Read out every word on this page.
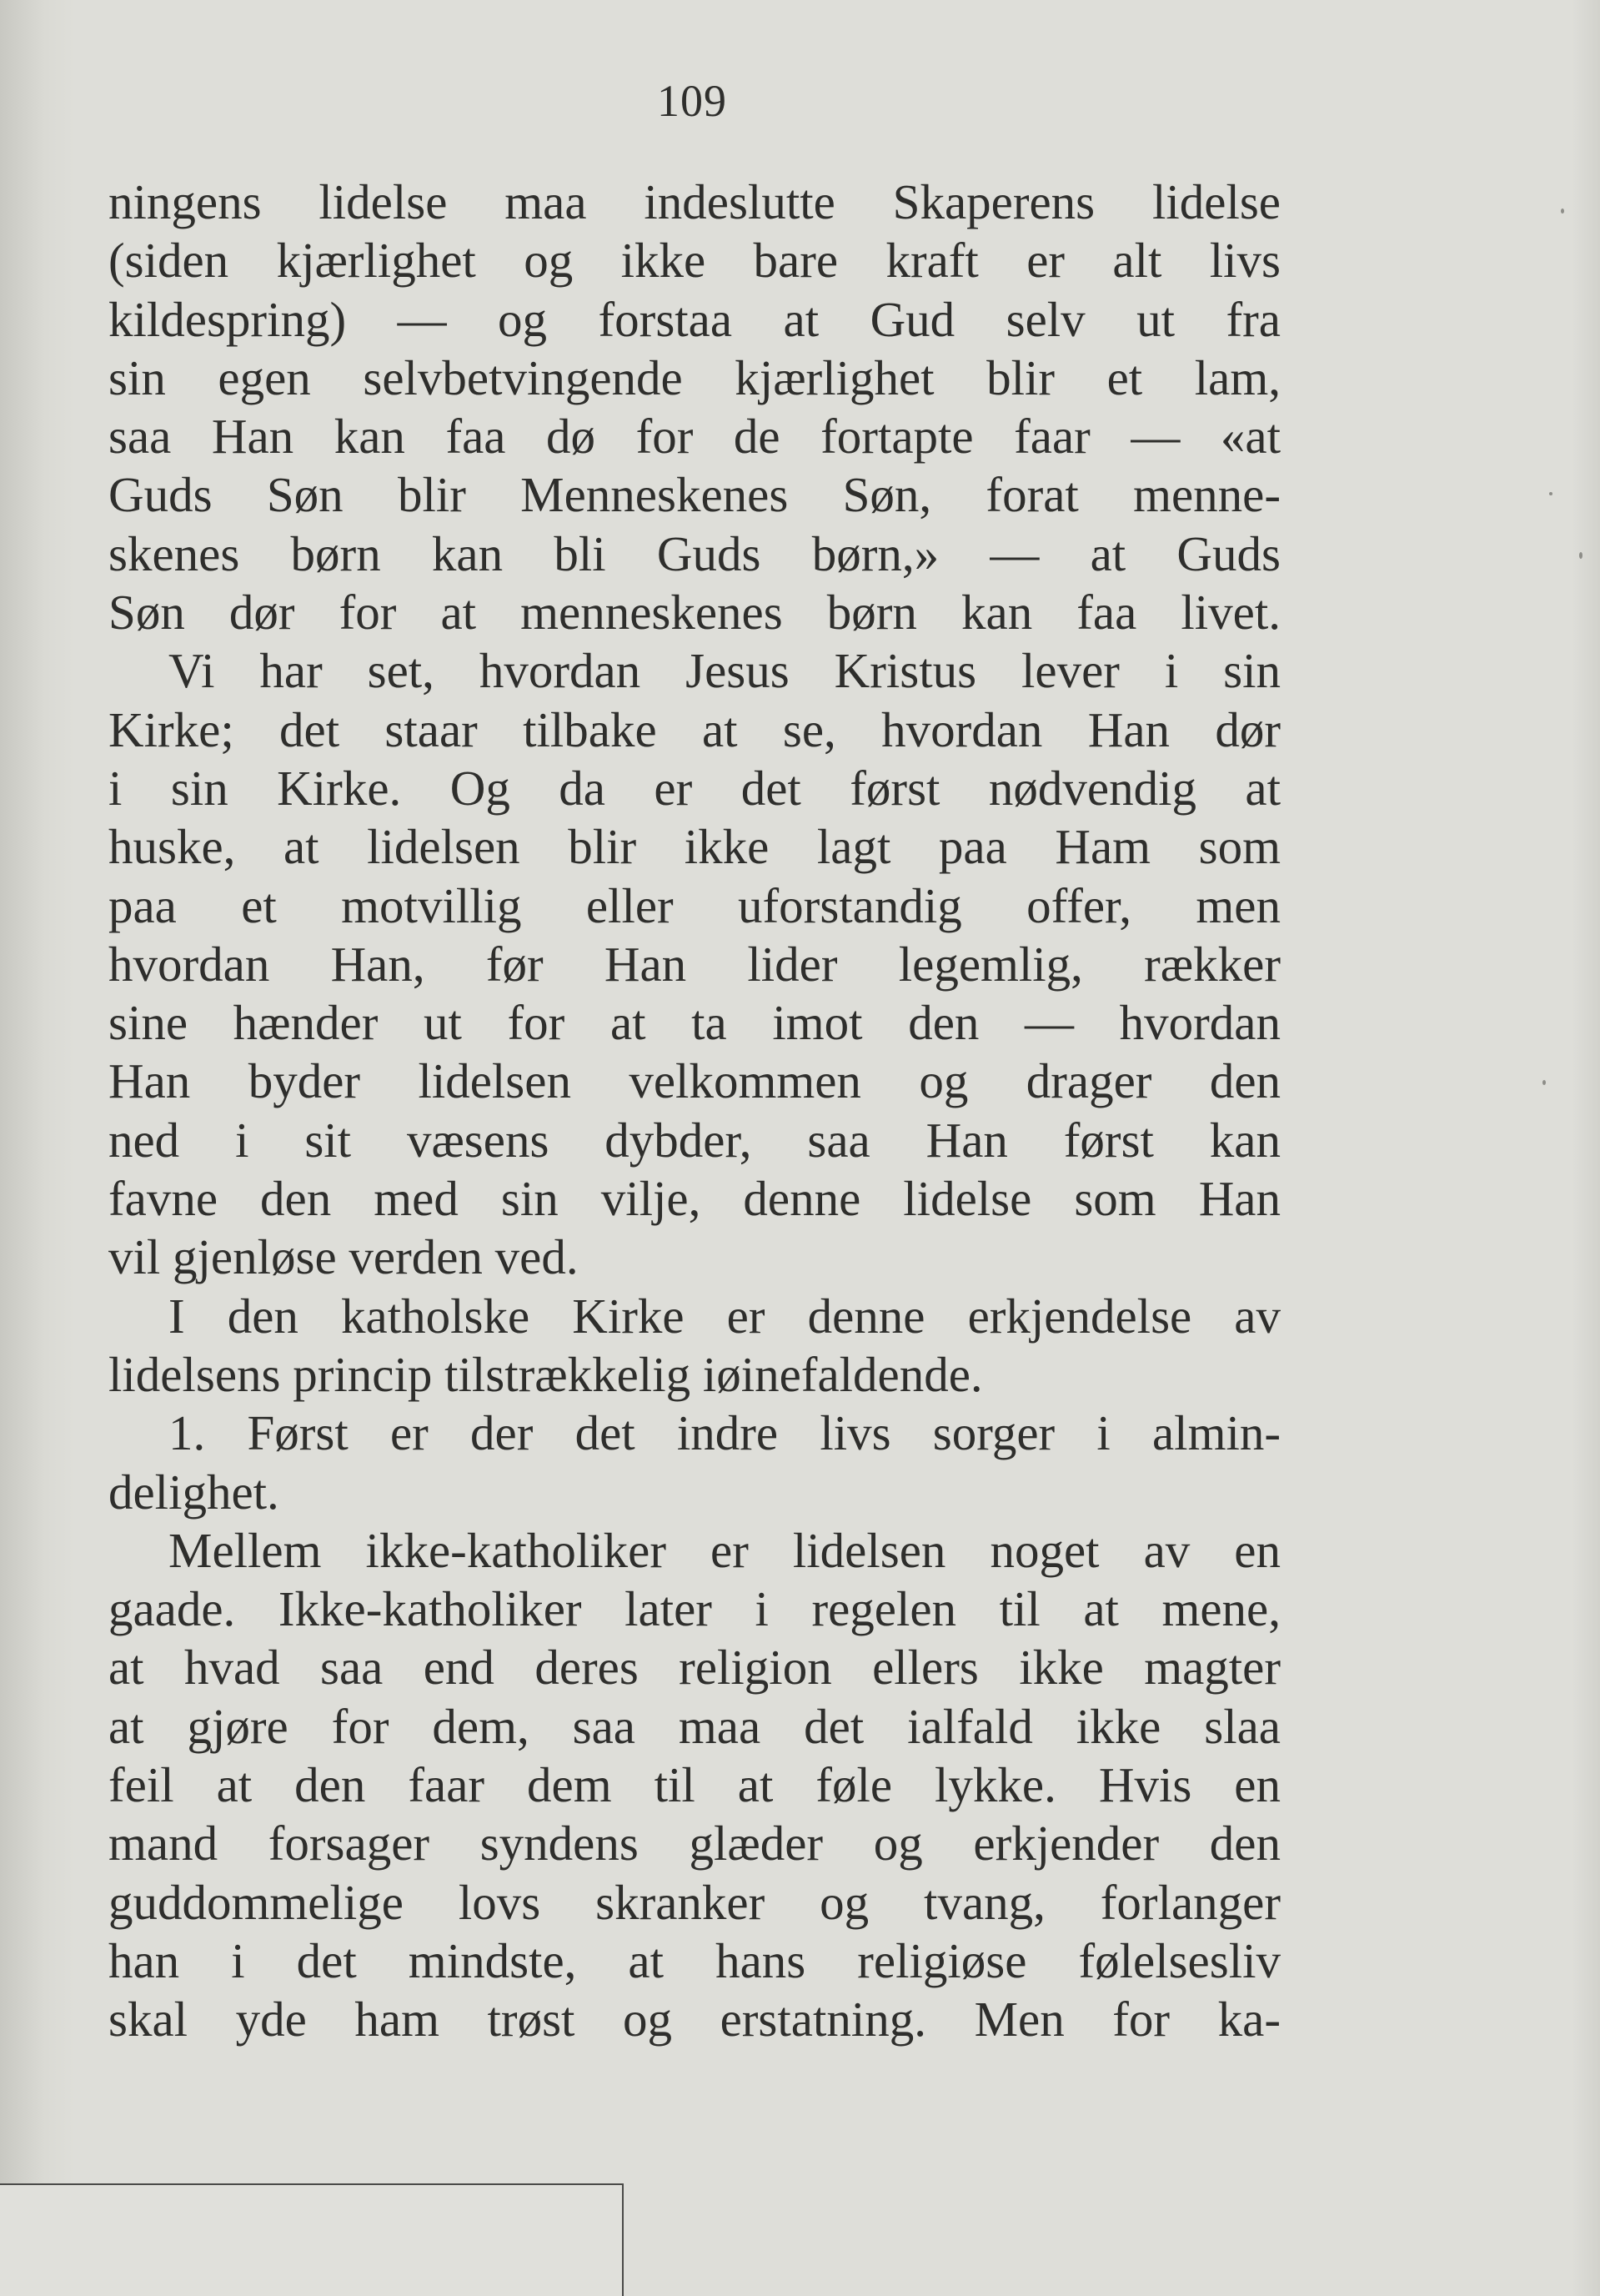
109
ningens lidelse maa indeslutte Skaperens lidelse
(siden kjærlighet og ikke bare kraft er alt livs
kildespring) — og forstaa at Gud selv ut fra
sin egen selvbetvingende kjærlighet blir et lam,
saa Han kan faa dø for de fortapte faar — «at
Guds Søn blir Menneskenes Søn, forat menne-
skenes børn kan bli Guds børn,» — at Guds
Søn dør for at menneskenes børn kan faa livet.
Vi har set, hvordan Jesus Kristus lever i sin
Kirke; det staar tilbake at se, hvordan Han dør
i sin Kirke. Og da er det først nødvendig at
huske, at lidelsen blir ikke lagt paa Ham som
paa et motvillig eller uforstandig offer, men
hvordan Han, før Han lider legemlig, rækker
sine hænder ut for at ta imot den — hvordan
Han byder lidelsen velkommen og drager den
ned i sit væsens dybder, saa Han først kan
favne den med sin vilje, denne lidelse som Han
vil gjenløse verden ved.
I den katholske Kirke er denne erkjendelse av
lidelsens princip tilstrækkelig iøinefaldende.
1. Først er der det indre livs sorger i almin-
delighet.
Mellem ikke-katholiker er lidelsen noget av en
gaade. Ikke-katholiker later i regelen til at mene,
at hvad saa end deres religion ellers ikke magter
at gjøre for dem, saa maa det ialfald ikke slaa
feil at den faar dem til at føle lykke. Hvis en
mand forsager syndens glæder og erkjender den
guddommelige lovs skranker og tvang, forlanger
han i det mindste, at hans religiøse følelsesliv
skal yde ham trøst og erstatning. Men for ka-
